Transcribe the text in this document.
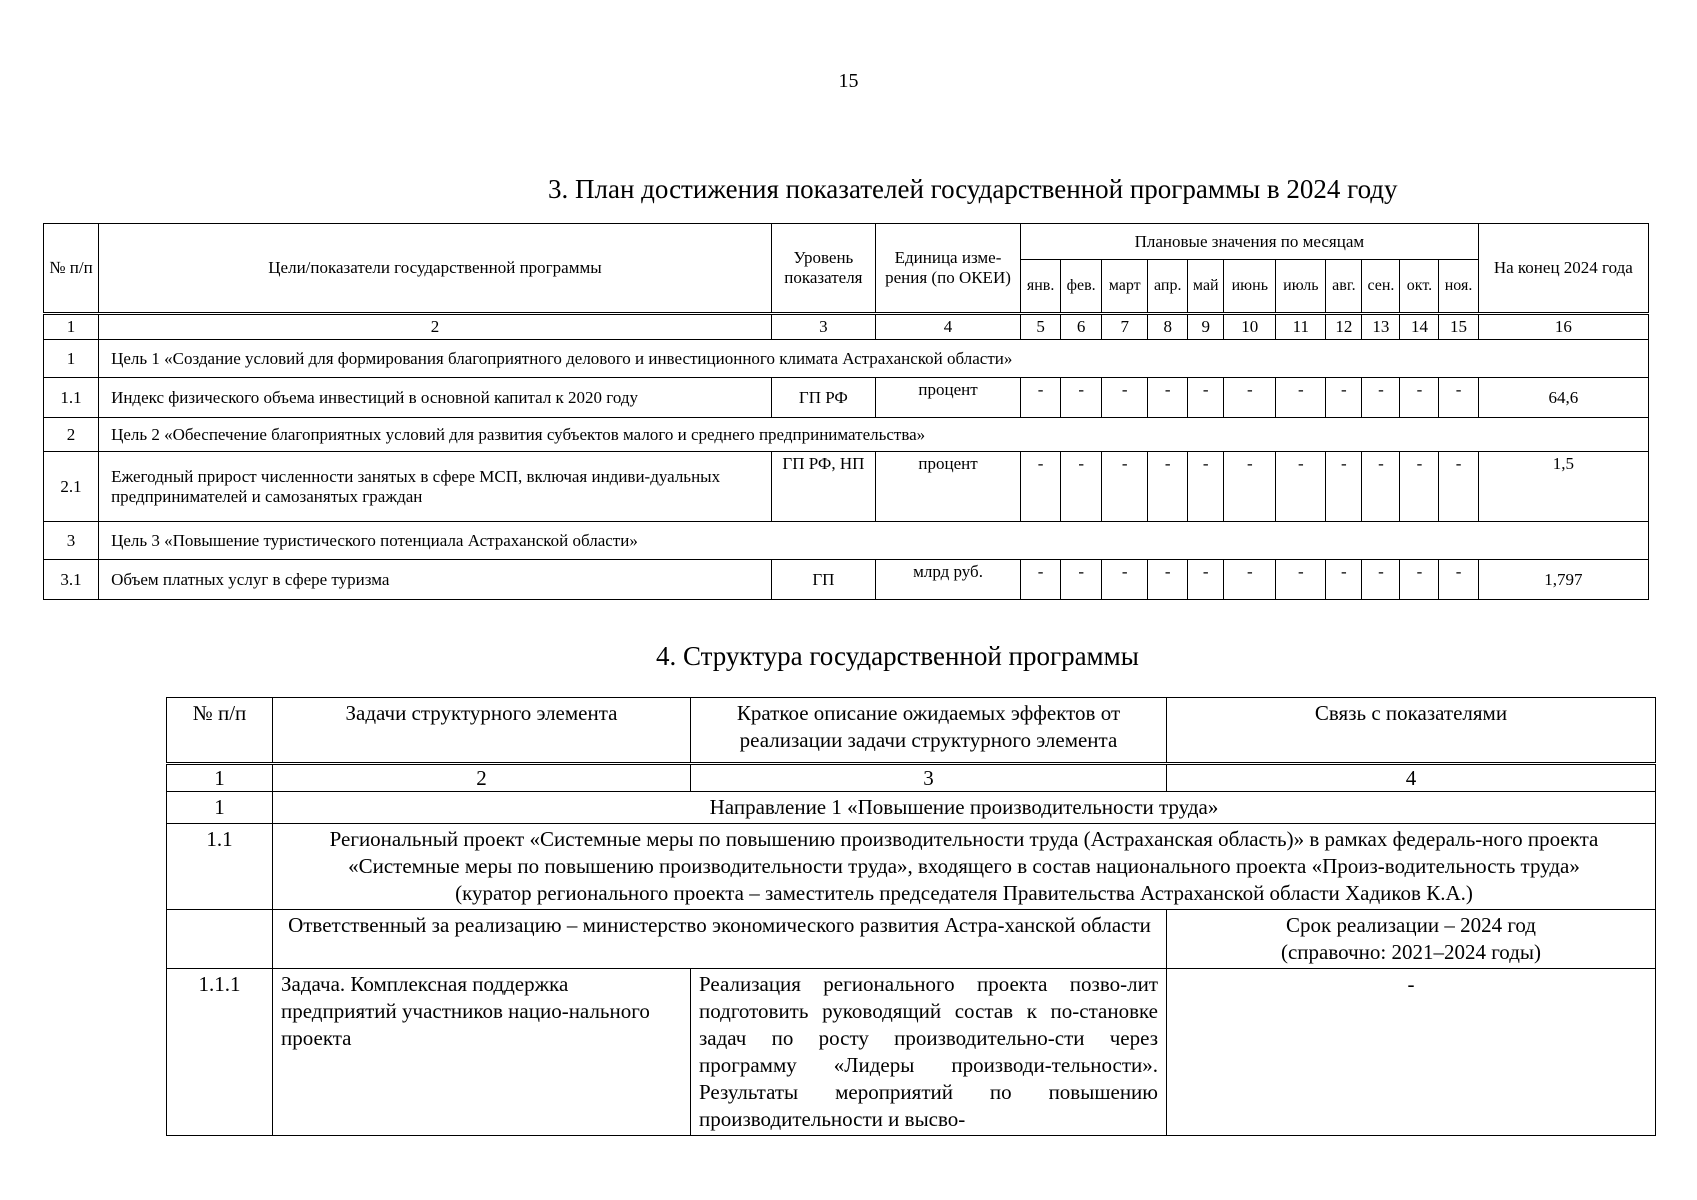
15
3. План достижения показателей государственной программы в 2024 году
№ п/п	Цели/показатели государственной программы	Уровень показателя	Единица изме-рения (по ОКЕИ)	Плановые значения по месяцам											На конец 2024 года
				янв.	фев.	март	апр.	май	июнь	июль	авг.	сен.	окт.	ноя.	
1	2	3	4	5	6	7	8	9	10	11	12	13	14	15	16
1	Цель 1 «Создание условий для формирования благоприятного делового и инвестиционного климата Астраханской области»														
1.1	Индекс физического объема инвестиций в основной капитал к 2020 году	ГП РФ	процент	-	-	-	-	-	-	-	-	-	-	-	64,6
2	Цель 2 «Обеспечение благоприятных условий для развития субъектов малого и среднего предпринимательства»														
2.1	Ежегодный прирост численности занятых в сфере МСП, включая индиви-дуальных предпринимателей и самозанятых граждан	ГП РФ, НП	процент	-	-	-	-	-	-	-	-	-	-	-	1,5
3	Цель 3 «Повышение туристического потенциала Астраханской области»														
3.1	Объем платных услуг в сфере туризма	ГП	млрд руб.	-	-	-	-	-	-	-	-	-	-	-	1,797
4. Структура государственной программы
№ п/п	Задачи структурного элемента	Краткое описание ожидаемых эффектов от реализации задачи структурного элемента	Связь с показателями
1	2	3	4
1	Направление 1 «Повышение производительности труда»		
1.1	Региональный проект «Системные меры по повышению производительности труда (Астраханская область)» в рамках федераль-ного проекта «Системные меры по повышению производительности труда», входящего в состав национального проекта «Произ-водительность труда»
(куратор регионального проекта – заместитель председателя Правительства Астраханской области Хадиков К.А.)		

	Ответственный за реализацию – министерство экономического развития Астра-ханской области		Срок реализации – 2024 год
(справочно: 2021–2024 годы)

1.1.1	Задача. Комплексная поддержка предприятий участников нацио-нального проекта	Реализация регионального проекта позво-лит подготовить руководящий состав к по-становке задач по росту производительно-сти через программу «Лидеры производи-тельности». Результаты мероприятий по повышению производительности и высво-	-
